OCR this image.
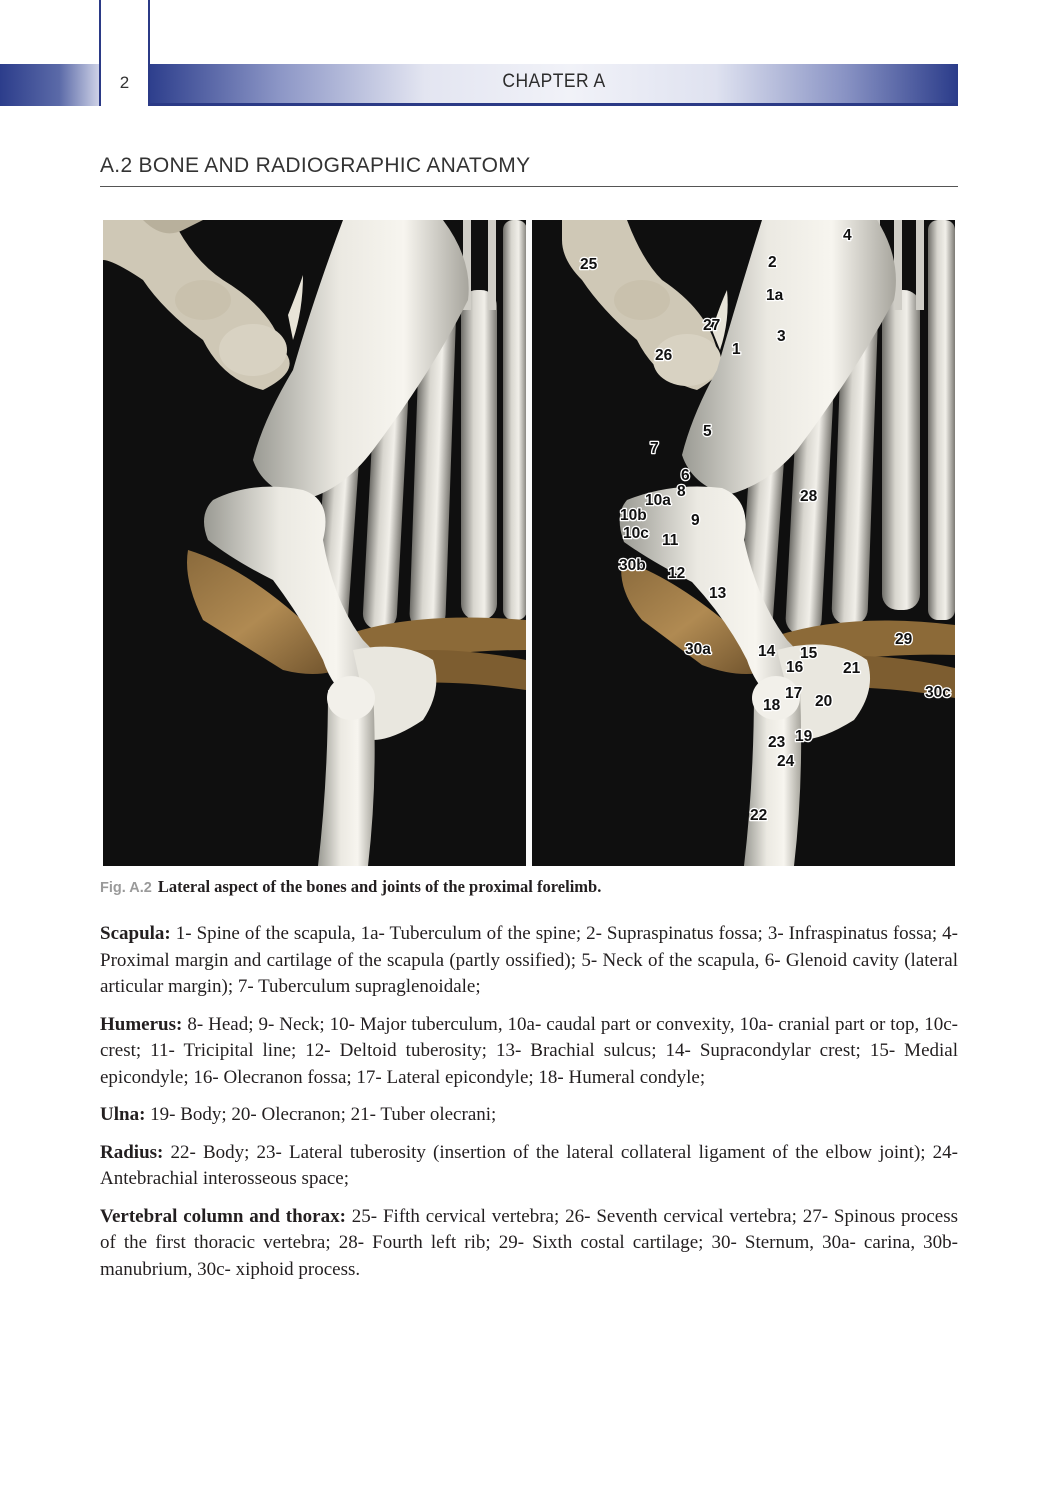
2	CHAPTER A
A.2 BONE AND RADIOGRAPHIC ANATOMY
25	2
4
1a
27
1
3
26
5
7
6
8
10a	28
10b	9
10c 11
30b 12
13
29
30a	14 15
16	21
17 20
30c
18
19
23
24
22
Fig. A.2 Lateral aspect of the bones and joints of the proximal forelimb.

Scapula: 1- Spine of the scapula, 1a- Tuberculum of the spine; 2- Supraspinatus fossa; 3- Infraspinatus fossa; 4- Proximal margin and cartilage of the scapula (partly ossified); 5- Neck of the scapula, 6- Glenoid cavity (lateral articular margin); 7- Tuberculum supraglenoidale;

Humerus: 8- Head; 9- Neck; 10- Major tuberculum, 10a- caudal part or convexity, 10a- cranial part or top, 10c- crest; 11- Tricipital line; 12- Deltoid tuberosity; 13- Brachial sulcus; 14- Supracondylar crest; 15- Medial epicondyle; 16- Olecranon fossa; 17- Lateral epicondyle; 18- Humeral condyle;

Ulna: 19- Body; 20- Olecranon; 21- Tuber olecrani;

Radius: 22- Body; 23- Lateral tuberosity (insertion of the lateral collateral ligament of the elbow joint); 24- Antebrachial interosseous space;

Vertebral column and thorax: 25- Fifth cervical vertebra; 26- Seventh cervical vertebra; 27- Spinous process of the first thoracic vertebra; 28- Fourth left rib; 29- Sixth costal cartilage; 30- Sternum, 30a- carina, 30b- manubrium, 30c- xiphoid process.
